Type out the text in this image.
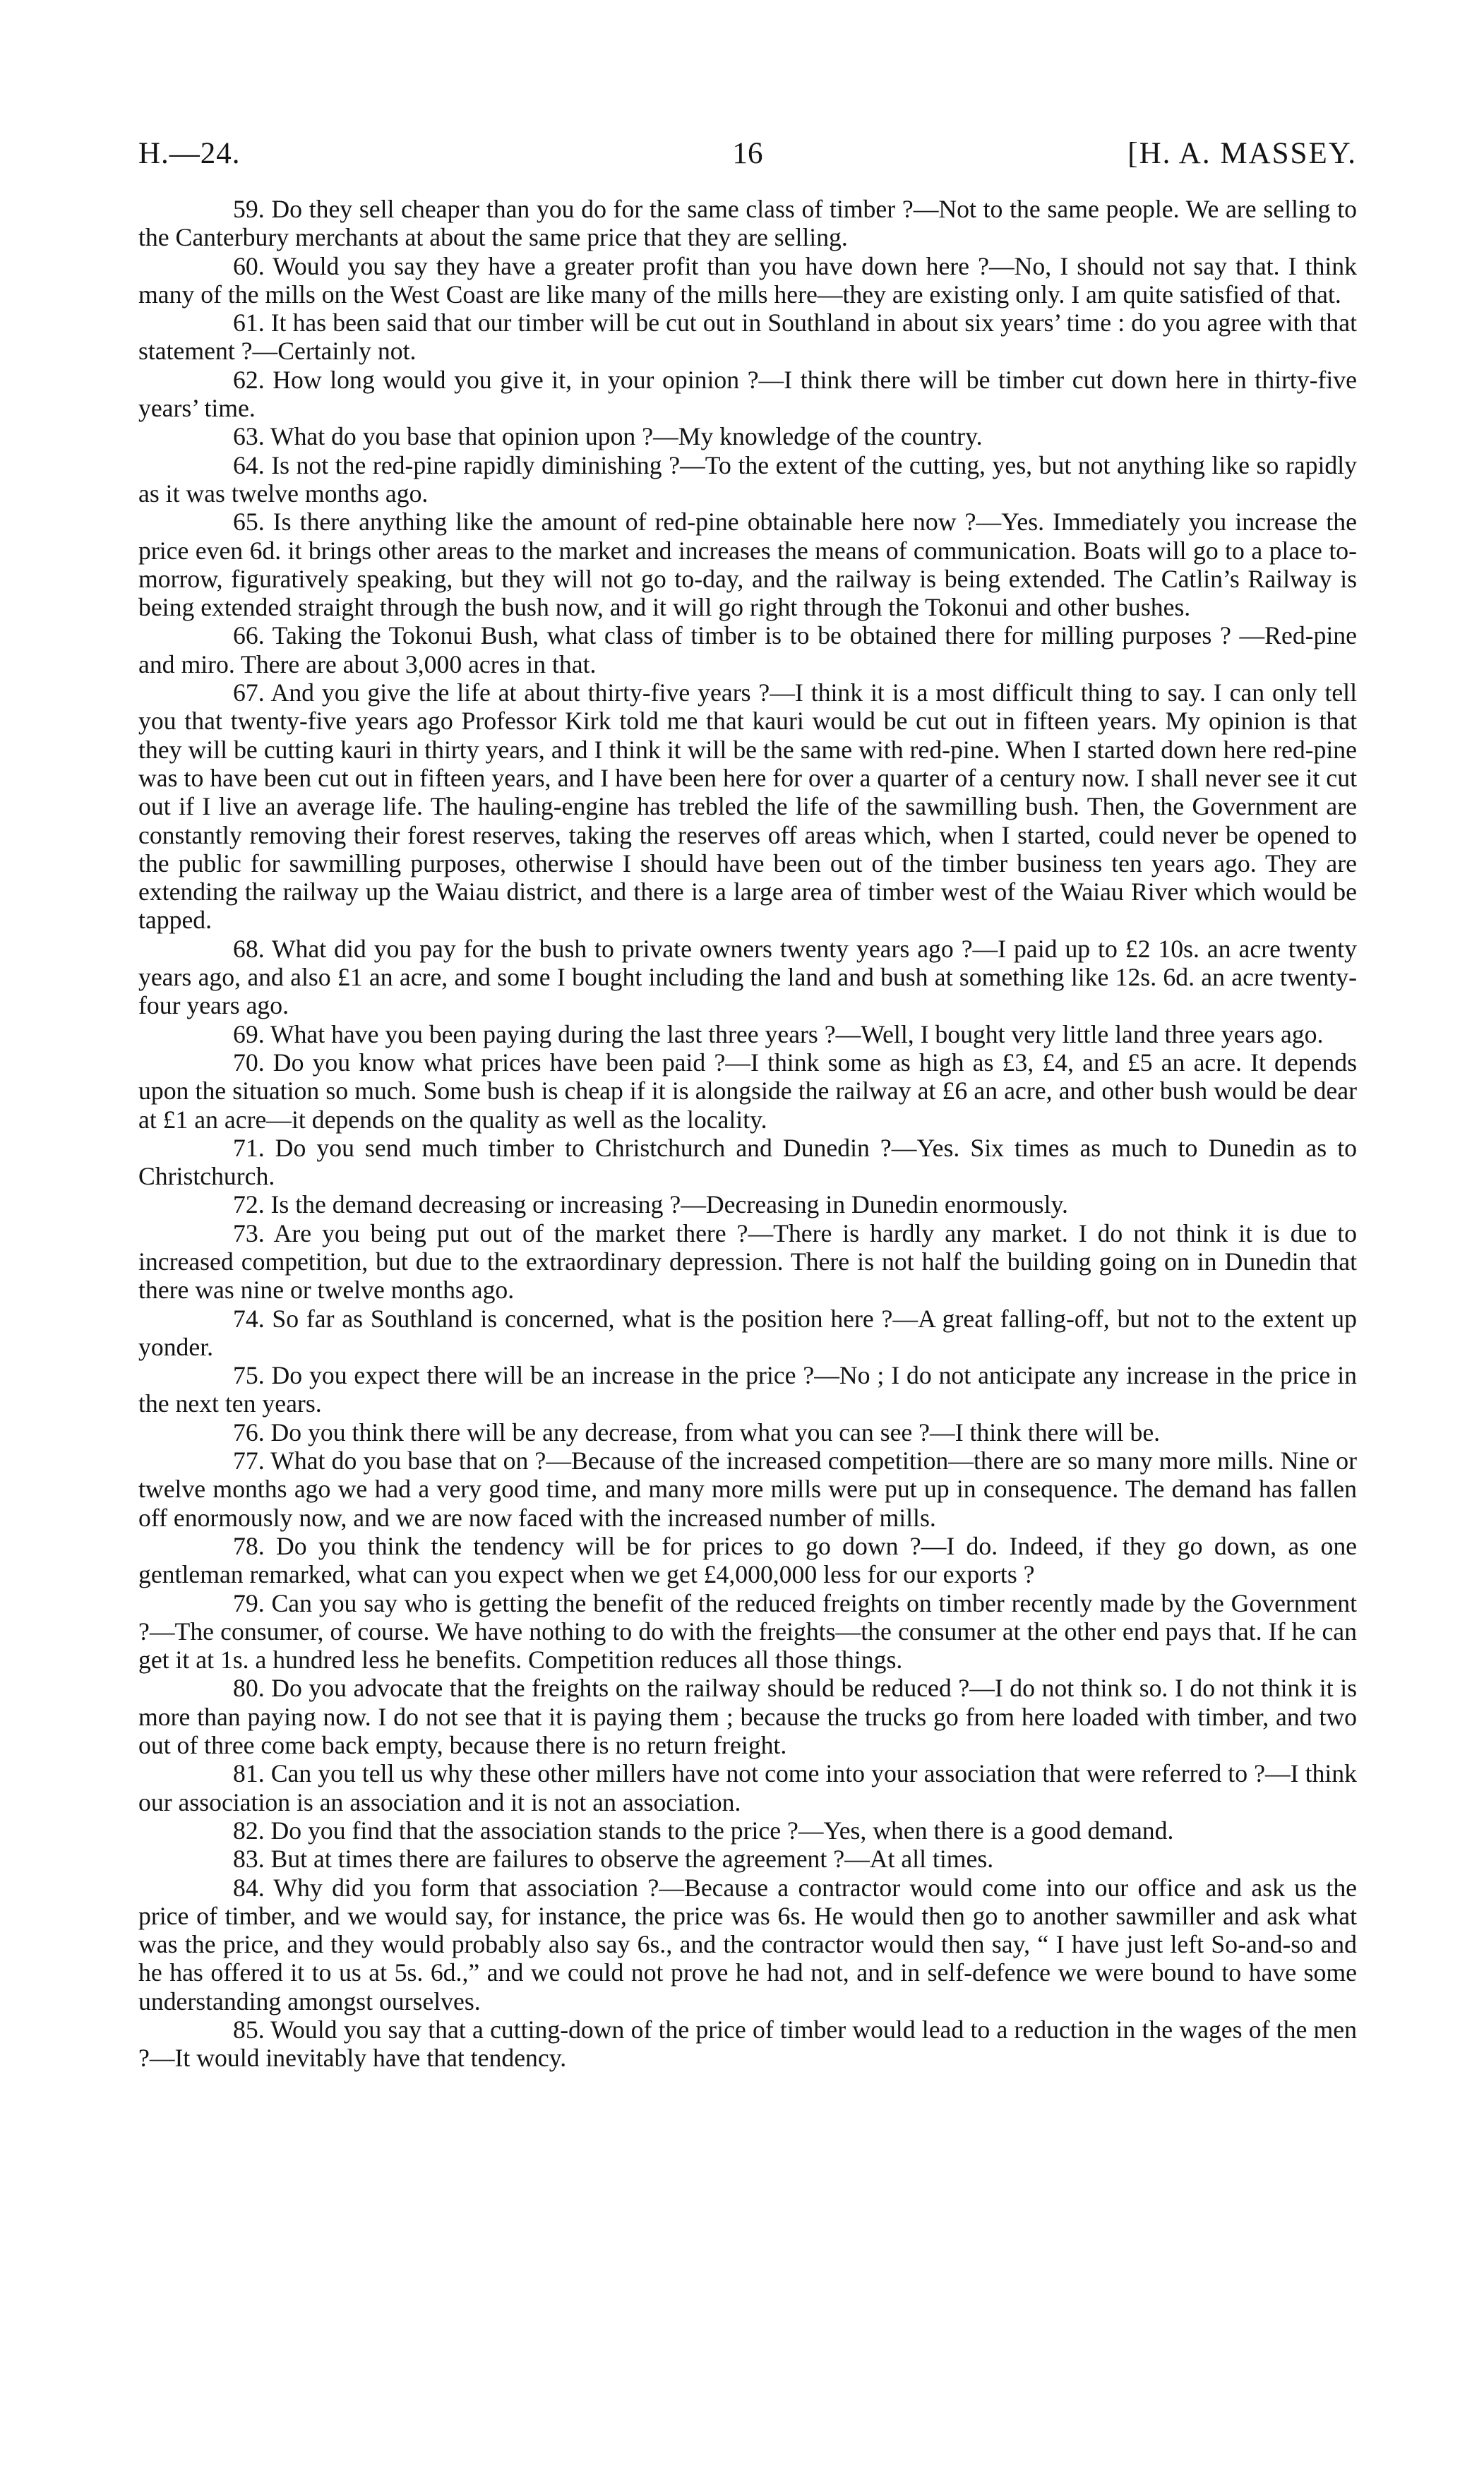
H.—24.	16	[H. A. MASSEY.

59. Do they sell cheaper than you do for the same class of timber ?—Not to the same people. We are selling to the Canterbury merchants at about the same price that they are selling.

60. Would you say they have a greater profit than you have down here ?—No, I should not say that. I think many of the mills on the West Coast are like many of the mills here—they are existing only. I am quite satisfied of that.

61. It has been said that our timber will be cut out in Southland in about six years’ time : do you agree with that statement ?—Certainly not.

62. How long would you give it, in your opinion ?—I think there will be timber cut down here in thirty-five years’ time.

63. What do you base that opinion upon ?—My knowledge of the country.

64. Is not the red-pine rapidly diminishing ?—To the extent of the cutting, yes, but not anything like so rapidly as it was twelve months ago.

65. Is there anything like the amount of red-pine obtainable here now ?—Yes. Immediately you increase the price even 6d. it brings other areas to the market and increases the means of communication. Boats will go to a place to-morrow, figuratively speaking, but they will not go to-day, and the railway is being extended. The Catlin’s Railway is being extended straight through the bush now, and it will go right through the Tokonui and other bushes.

66. Taking the Tokonui Bush, what class of timber is to be obtained there for milling purposes ? —Red-pine and miro. There are about 3,000 acres in that.

67. And you give the life at about thirty-five years ?—I think it is a most difficult thing to say. I can only tell you that twenty-five years ago Professor Kirk told me that kauri would be cut out in fifteen years. My opinion is that they will be cutting kauri in thirty years, and I think it will be the same with red-pine. When I started down here red-pine was to have been cut out in fifteen years, and I have been here for over a quarter of a century now. I shall never see it cut out if I live an average life. The hauling-engine has trebled the life of the sawmilling bush. Then, the Government are constantly removing their forest reserves, taking the reserves off areas which, when I started, could never be opened to the public for sawmilling purposes, otherwise I should have been out of the timber business ten years ago. They are extending the railway up the Waiau district, and there is a large area of timber west of the Waiau River which would be tapped.

68. What did you pay for the bush to private owners twenty years ago ?—I paid up to £2 10s. an acre twenty years ago, and also £1 an acre, and some I bought including the land and bush at something like 12s. 6d. an acre twenty-four years ago.

69. What have you been paying during the last three years ?—Well, I bought very little land three years ago.

70. Do you know what prices have been paid ?—I think some as high as £3, £4, and £5 an acre. It depends upon the situation so much. Some bush is cheap if it is alongside the railway at £6 an acre, and other bush would be dear at £1 an acre—it depends on the quality as well as the locality.

71. Do you send much timber to Christchurch and Dunedin ?—Yes. Six times as much to Dunedin as to Christchurch.

72. Is the demand decreasing or increasing ?—Decreasing in Dunedin enormously.

73. Are you being put out of the market there ?—There is hardly any market. I do not think it is due to increased competition, but due to the extraordinary depression. There is not half the building going on in Dunedin that there was nine or twelve months ago.

74. So far as Southland is concerned, what is the position here ?—A great falling-off, but not to the extent up yonder.

75. Do you expect there will be an increase in the price ?—No ; I do not anticipate any increase in the price in the next ten years.

76. Do you think there will be any decrease, from what you can see ?—I think there will be.

77. What do you base that on ?—Because of the increased competition—there are so many more mills. Nine or twelve months ago we had a very good time, and many more mills were put up in consequence. The demand has fallen off enormously now, and we are now faced with the increased number of mills.

78. Do you think the tendency will be for prices to go down ?—I do. Indeed, if they go down, as one gentleman remarked, what can you expect when we get £4,000,000 less for our exports ?

79. Can you say who is getting the benefit of the reduced freights on timber recently made by the Government ?—The consumer, of course. We have nothing to do with the freights—the consumer at the other end pays that. If he can get it at 1s. a hundred less he benefits. Competition reduces all those things.

80. Do you advocate that the freights on the railway should be reduced ?—I do not think so. I do not think it is more than paying now. I do not see that it is paying them ; because the trucks go from here loaded with timber, and two out of three come back empty, because there is no return freight.

81. Can you tell us why these other millers have not come into your association that were referred to ?—I think our association is an association and it is not an association.

82. Do you find that the association stands to the price ?—Yes, when there is a good demand.

83. But at times there are failures to observe the agreement ?—At all times.

84. Why did you form that association ?—Because a contractor would come into our office and ask us the price of timber, and we would say, for instance, the price was 6s. He would then go to another sawmiller and ask what was the price, and they would probably also say 6s., and the contractor would then say, “ I have just left So-and-so and he has offered it to us at 5s. 6d.,” and we could not prove he had not, and in self-defence we were bound to have some understanding amongst ourselves.

85. Would you say that a cutting-down of the price of timber would lead to a reduction in the wages of the men ?—It would inevitably have that tendency.
